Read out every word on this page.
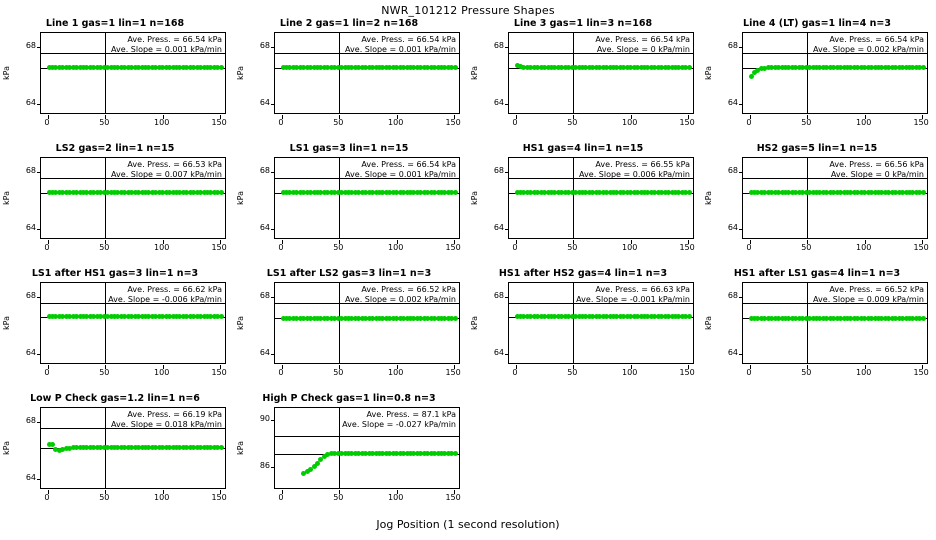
NWR_101212 Pressure Shapes
Line 1 gas=1 lin=1 n=168
Ave. Press. = 66.54 kPa
Ave. Slope = 0.001 kPa/min
kPa
64
68
0	50	100	150
Line 2 gas=1 lin=2 n=168
Ave. Press. = 66.54 kPa
Ave. Slope = 0.001 kPa/min
kPa
64
68
0	50	100	150
Line 3 gas=1 lin=3 n=168
Ave. Press. = 66.54 kPa
Ave. Slope = 0 kPa/min
kPa
64
68
0	50	100	150
Line 4 (LT) gas=1 lin=4 n=3
Ave. Press. = 66.54 kPa
Ave. Slope = 0.002 kPa/min
kPa
64
68
0	50	100	150
LS2 gas=2 lin=1 n=15
Ave. Press. = 66.53 kPa
Ave. Slope = 0.007 kPa/min
kPa
64
68
0	50	100	150
LS1 gas=3 lin=1 n=15
Ave. Press. = 66.54 kPa
Ave. Slope = 0.001 kPa/min
kPa
64
68
0	50	100	150
HS1 gas=4 lin=1 n=15
Ave. Press. = 66.55 kPa
Ave. Slope = 0.006 kPa/min
kPa
64
68
0	50	100	150
HS2 gas=5 lin=1 n=15
Ave. Press. = 66.56 kPa
Ave. Slope = 0 kPa/min
kPa
64
68
0	50	100	150
LS1 after HS1 gas=3 lin=1 n=3
Ave. Press. = 66.62 kPa
Ave. Slope = -0.006 kPa/min
kPa
64
68
0	50	100	150
LS1 after LS2 gas=3 lin=1 n=3
Ave. Press. = 66.52 kPa
Ave. Slope = 0.002 kPa/min
kPa
64
68
0	50	100	150
HS1 after HS2 gas=4 lin=1 n=3
Ave. Press. = 66.63 kPa
Ave. Slope = -0.001 kPa/min
kPa
64
68
0	50	100	150
HS1 after LS1 gas=4 lin=1 n=3
Ave. Press. = 66.52 kPa
Ave. Slope = 0.009 kPa/min
kPa
64
68
0	50	100	150
Low P Check gas=1.2 lin=1 n=6
Ave. Press. = 66.19 kPa
Ave. Slope = 0.018 kPa/min
kPa
64
68
0	50	100	150
High P Check gas=1 lin=0.8 n=3
Ave. Press. = 87.1 kPa
Ave. Slope = -0.027 kPa/min
kPa
86
90
0	50	100	150
Jog Position (1 second resolution)
